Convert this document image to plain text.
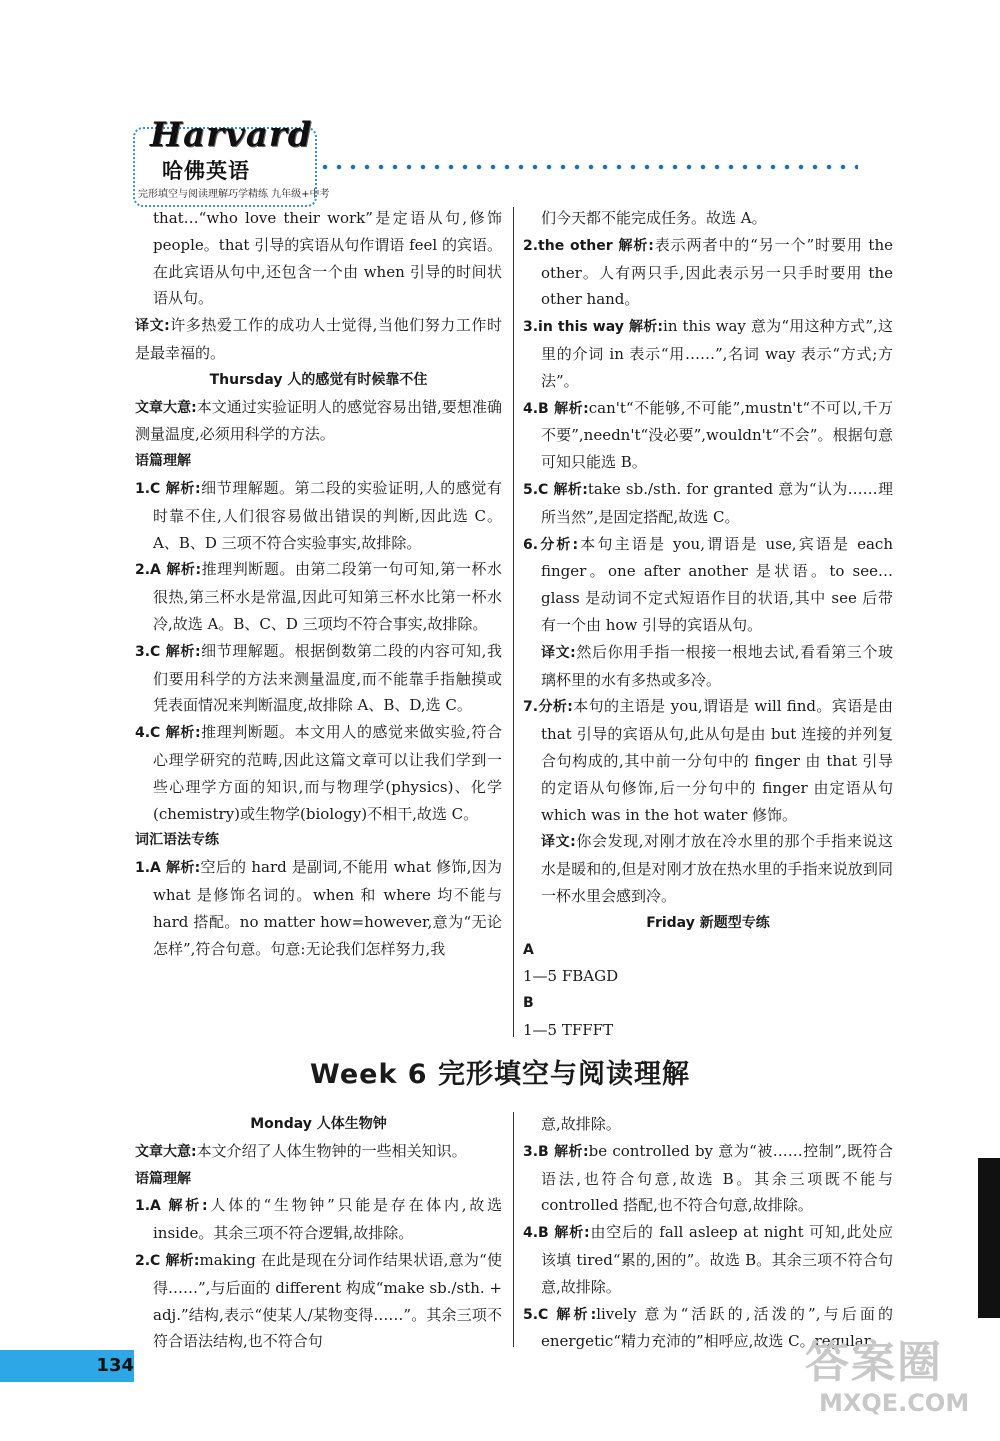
Harvard
哈佛英语
完形填空与阅读理解巧学精练 九年级+中考

that…“who love their work”是定语从句,修饰people。that 引导的宾语从句作谓语 feel 的宾语。在此宾语从句中,还包含一个由 when 引导的时间状语从句。

译文:许多热爱工作的成功人士觉得,当他们努力工作时是最幸福的。

Thursday 人的感觉有时候靠不住

文章大意:本文通过实验证明人的感觉容易出错,要想准确测量温度,必须用科学的方法。

语篇理解

1.C 解析:细节理解题。第二段的实验证明,人的感觉有时靠不住,人们很容易做出错误的判断,因此选 C。A、B、D 三项不符合实验事实,故排除。

2.A 解析:推理判断题。由第二段第一句可知,第一杯水很热,第三杯水是常温,因此可知第三杯水比第一杯水冷,故选 A。B、C、D 三项均不符合事实,故排除。

3.C 解析:细节理解题。根据倒数第二段的内容可知,我们要用科学的方法来测量温度,而不能靠手指触摸或凭表面情况来判断温度,故排除 A、B、D,选 C。

4.C 解析:推理判断题。本文用人的感觉来做实验,符合心理学研究的范畴,因此这篇文章可以让我们学到一些心理学方面的知识,而与物理学(physics)、化学(chemistry)或生物学(biology)不相干,故选 C。

词汇语法专练

1.A 解析:空后的 hard 是副词,不能用 what 修饰,因为 what 是修饰名词的。when 和 where 均不能与 hard 搭配。no matter how=however,意为“无论怎样”,符合句意。句意:无论我们怎样努力,我

们今天都不能完成任务。故选 A。

2.the other 解析:表示两者中的“另一个”时要用 the other。人有两只手,因此表示另一只手时要用 the other hand。

3.in this way 解析:in this way 意为“用这种方式”,这里的介词 in 表示“用……”,名词 way 表示“方式;方法”。

4.B 解析:can't“不能够,不可能”,mustn't“不可以,千万不要”,needn't“没必要”,wouldn't“不会”。根据句意可知只能选 B。

5.C 解析:take sb./sth. for granted 意为“认为……理所当然”,是固定搭配,故选 C。

6.分析:本句主语是 you,谓语是 use,宾语是 each finger。one after another 是状语。to see…glass 是动词不定式短语作目的状语,其中 see 后带有一个由 how 引导的宾语从句。

译文:然后你用手指一根接一根地去试,看看第三个玻璃杯里的水有多热或多冷。

7.分析:本句的主语是 you,谓语是 will find。宾语是由 that 引导的宾语从句,此从句是由 but 连接的并列复合句构成的,其中前一分句中的 finger 由 that 引导的定语从句修饰,后一分句中的 finger 由定语从句 which was in the hot water 修饰。

译文:你会发现,对刚才放在冷水里的那个手指来说这水是暖和的,但是对刚才放在热水里的手指来说放到同一杯水里会感到冷。

Friday 新题型专练

A

1—5 FBAGD

B

1—5 TFFFT

Week 6 完形填空与阅读理解

Monday 人体生物钟

文章大意:本文介绍了人体生物钟的一些相关知识。

语篇理解

1.A 解析:人体的“生物钟”只能是存在体内,故选 inside。其余三项不符合逻辑,故排除。

2.C 解析:making 在此是现在分词作结果状语,意为“使得……”,与后面的 different 构成“make sb./sth. + adj.”结构,表示“使某人/某物变得……”。其余三项不符合语法结构,也不符合句

意,故排除。

3.B 解析:be controlled by 意为“被……控制”,既符合语法,也符合句意,故选 B。其余三项既不能与 controlled 搭配,也不符合句意,故排除。

4.B 解析:由空后的 fall asleep at night 可知,此处应该填 tired“累的,困的”。故选 B。其余三项不符合句意,故排除。

5.C 解析:lively 意为“活跃的,活泼的”,与后面的 energetic“精力充沛的”相呼应,故选 C。regular

134	答案圈
MXQE.COM
